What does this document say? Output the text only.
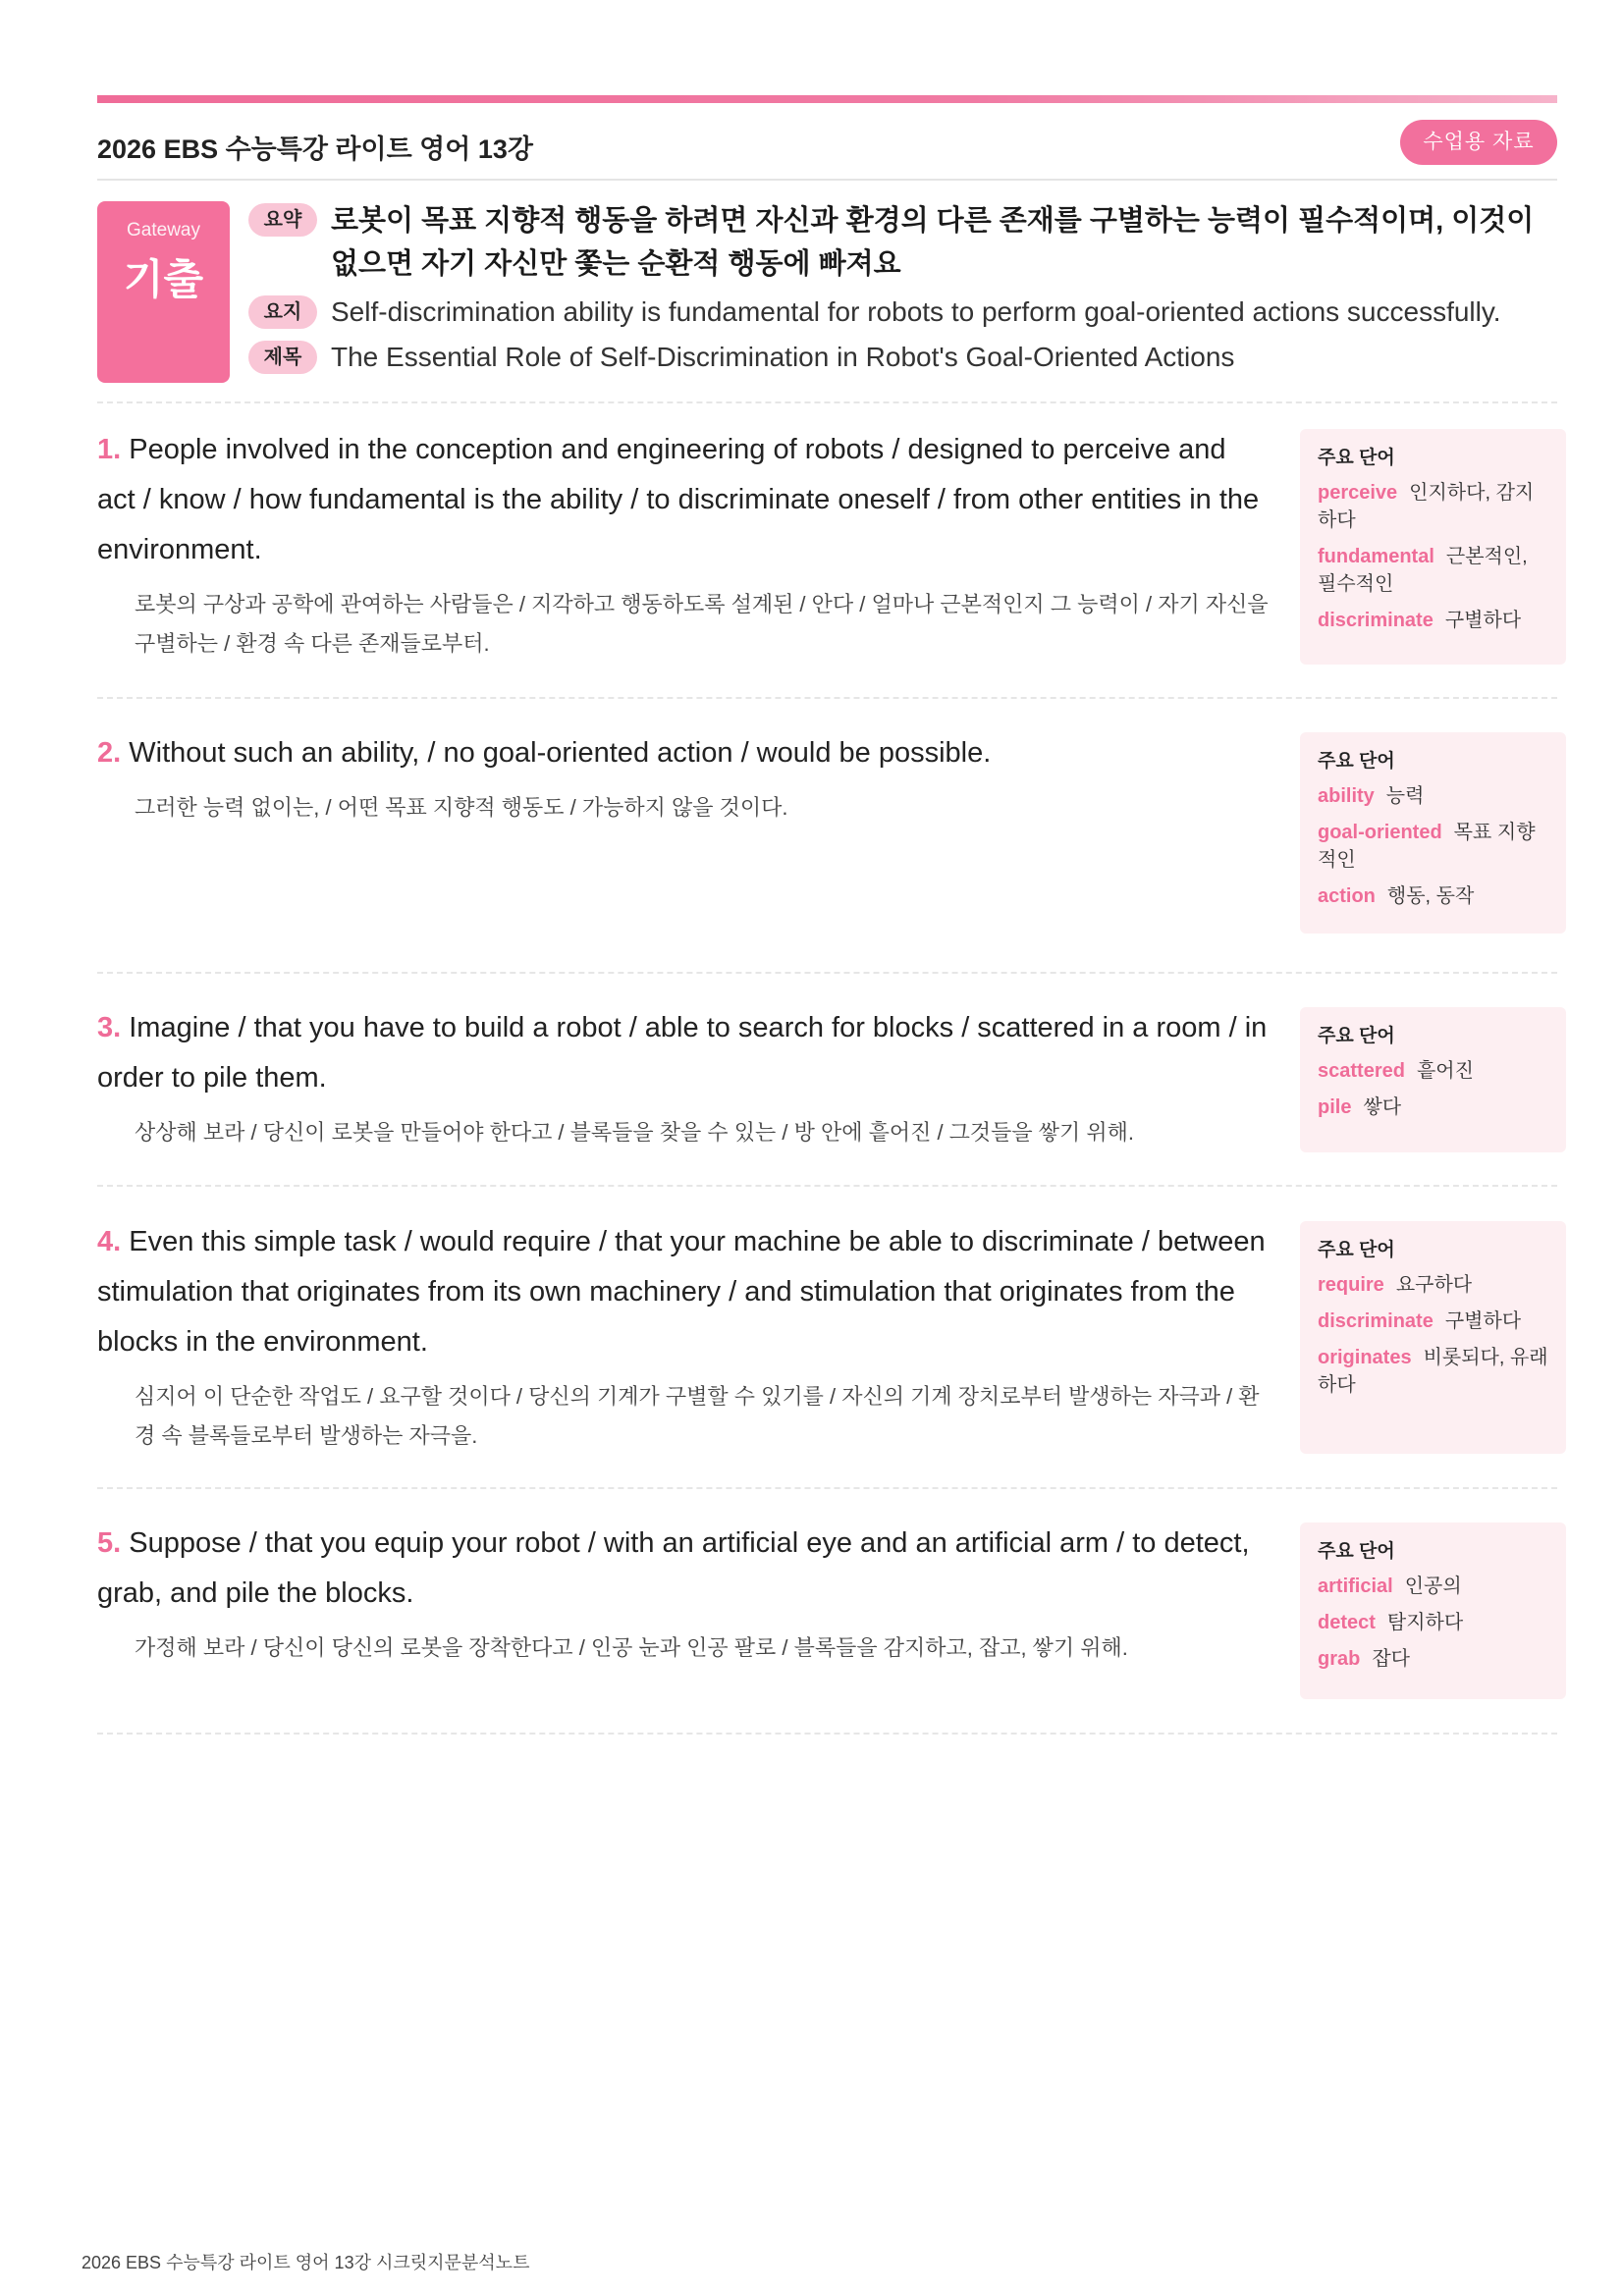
2026 EBS 수능특강 라이트 영어 13강	수업용 자료
Gateway
기출
요약	로봇이 목표 지향적 행동을 하려면 자신과 환경의 다른 존재를 구별하는 능력이 필수적이며, 이것이 없으면 자기 자신만 쫓는 순환적 행동에 빠져요
요지	Self-discrimination ability is fundamental for robots to perform goal-oriented actions successfully.
제목	The Essential Role of Self-Discrimination in Robot's Goal-Oriented Actions
1. People involved in the conception and engineering of robots / designed to perceive and act / know / how fundamental is the ability / to discriminate oneself / from other entities in the environment.
로봇의 구상과 공학에 관여하는 사람들은 / 지각하고 행동하도록 설계된 / 안다 / 얼마나 근본적인지 그 능력이 / 자기 자신을 구별하는 / 환경 속 다른 존재들로부터.
주요 단어
perceive 인지하다, 감지하다
fundamental 근본적인, 필수적인
discriminate 구별하다
2. Without such an ability, / no goal-oriented action / would be possible.
그러한 능력 없이는, / 어떤 목표 지향적 행동도 / 가능하지 않을 것이다.
주요 단어
ability 능력
goal-oriented 목표 지향적인
action 행동, 동작
3. Imagine / that you have to build a robot / able to search for blocks / scattered in a room / in order to pile them.
상상해 보라 / 당신이 로봇을 만들어야 한다고 / 블록들을 찾을 수 있는 / 방 안에 흩어진 / 그것들을 쌓기 위해.
주요 단어
scattered 흩어진
pile 쌓다
4. Even this simple task / would require / that your machine be able to discriminate / between stimulation that originates from its own machinery / and stimulation that originates from the blocks in the environment.
심지어 이 단순한 작업도 / 요구할 것이다 / 당신의 기계가 구별할 수 있기를 / 자신의 기계 장치로부터 발생하는 자극과 / 환경 속 블록들로부터 발생하는 자극을.
주요 단어
require 요구하다
discriminate 구별하다
originates 비롯되다, 유래하다
5. Suppose / that you equip your robot / with an artificial eye and an artificial arm / to detect, grab, and pile the blocks.
가정해 보라 / 당신이 당신의 로봇을 장착한다고 / 인공 눈과 인공 팔로 / 블록들을 감지하고, 잡고, 쌓기 위해.
주요 단어
artificial 인공의
detect 탐지하다
grab 잡다
2026 EBS 수능특강 라이트 영어 13강 시크릿지문분석노트
